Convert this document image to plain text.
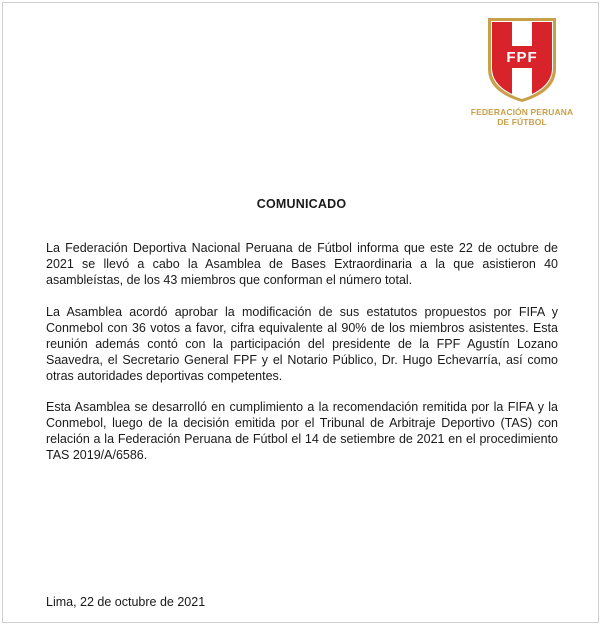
FPF
FEDERACIÓN PERUANA
DE FÚTBOL
COMUNICADO

La Federación Deportiva Nacional Peruana de Fútbol informa que este 22 de octubre de 2021 se llevó a cabo la Asamblea de Bases Extraordinaria a la que asistieron 40 asambleístas, de los 43 miembros que conforman el número total.

La Asamblea acordó aprobar la modificación de sus estatutos propuestos por FIFA y Conmebol con 36 votos a favor, cifra equivalente al 90% de los miembros asistentes. Esta reunión además contó con la participación del presidente de la FPF Agustín Lozano Saavedra, el Secretario General FPF y el Notario Público, Dr. Hugo Echevarría, así como otras autoridades deportivas competentes.

Esta Asamblea se desarrolló en cumplimiento a la recomendación remitida por la FIFA y la Conmebol, luego de la decisión emitida por el Tribunal de Arbitraje Deportivo (TAS) con relación a la Federación Peruana de Fútbol el 14 de setiembre de 2021 en el procedimiento TAS 2019/A/6586.

Lima, 22 de octubre de 2021
